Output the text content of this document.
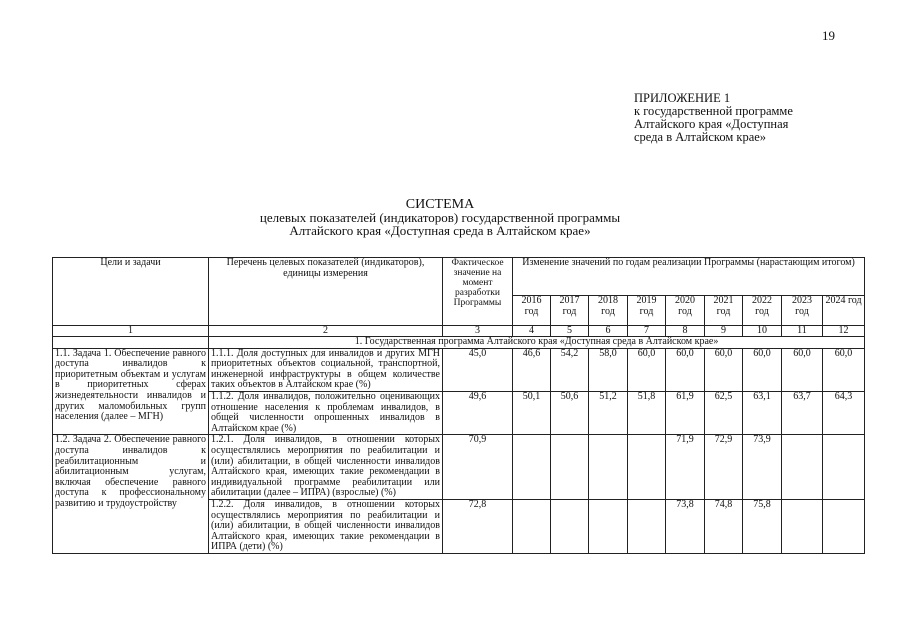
19
ПРИЛОЖЕНИЕ 1
к государственной программе
Алтайского края «Доступная
среда в Алтайском крае»
СИСТЕМА
целевых показателей (индикаторов) государственной программы
Алтайского края «Доступная среда в Алтайском крае»
Цели и задачи	Перечень целевых показателей (индикаторов), единицы измерения	Фактическое значение на момент разработки Программы	Изменение значений по годам реализации Программы (нарастающим итогом)								
			2016 год	2017 год	2018 год	2019 год	2020 год	2021 год	2022 год	2023 год	2024 год
1	2	3	4	5	6	7	8	9	10	11	12
	1. Государственная программа Алтайского края «Доступная среда в Алтайском крае»										
1.1. Задача 1. Обеспечение равного доступа инвалидов к приоритетным объектам и услугам в приоритетных сферах жизнедеятельности инвалидов и других маломобильных групп населения (далее – МГН)	1.1.1. Доля доступных для инвалидов и других МГН приоритетных объектов социальной, транспортной, инженерной инфраструктуры в общем количестве таких объектов в Алтайском крае (%)	45,0	46,6	54,2	58,0	60,0	60,0	60,0	60,0	60,0	60,0
	1.1.2. Доля инвалидов, положительно оценивающих отношение населения к проблемам инвалидов, в общей численности опрошенных инвалидов в Алтайском крае (%)	49,6	50,1	50,6	51,2	51,8	61,9	62,5	63,1	63,7	64,3
1.2. Задача 2. Обеспечение равного доступа инвалидов к реабилитационным и абилитационным услугам, включая обеспечение равного доступа к профессиональному развитию и трудоустройству	1.2.1. Доля инвалидов, в отношении которых осуществлялись мероприятия по реабилитации и (или) абилитации, в общей численности инвалидов Алтайского края, имеющих такие рекомендации в индивидуальной программе реабилитации или абилитации (далее – ИПРА) (взрослые) (%)	70,9					71,9	72,9	73,9		
	1.2.2. Доля инвалидов, в отношении которых осуществлялись мероприятия по реабилитации и (или) абилитации, в общей численности инвалидов Алтайского края, имеющих такие рекомендации в ИПРА (дети) (%)	72,8					73,8	74,8	75,8		
